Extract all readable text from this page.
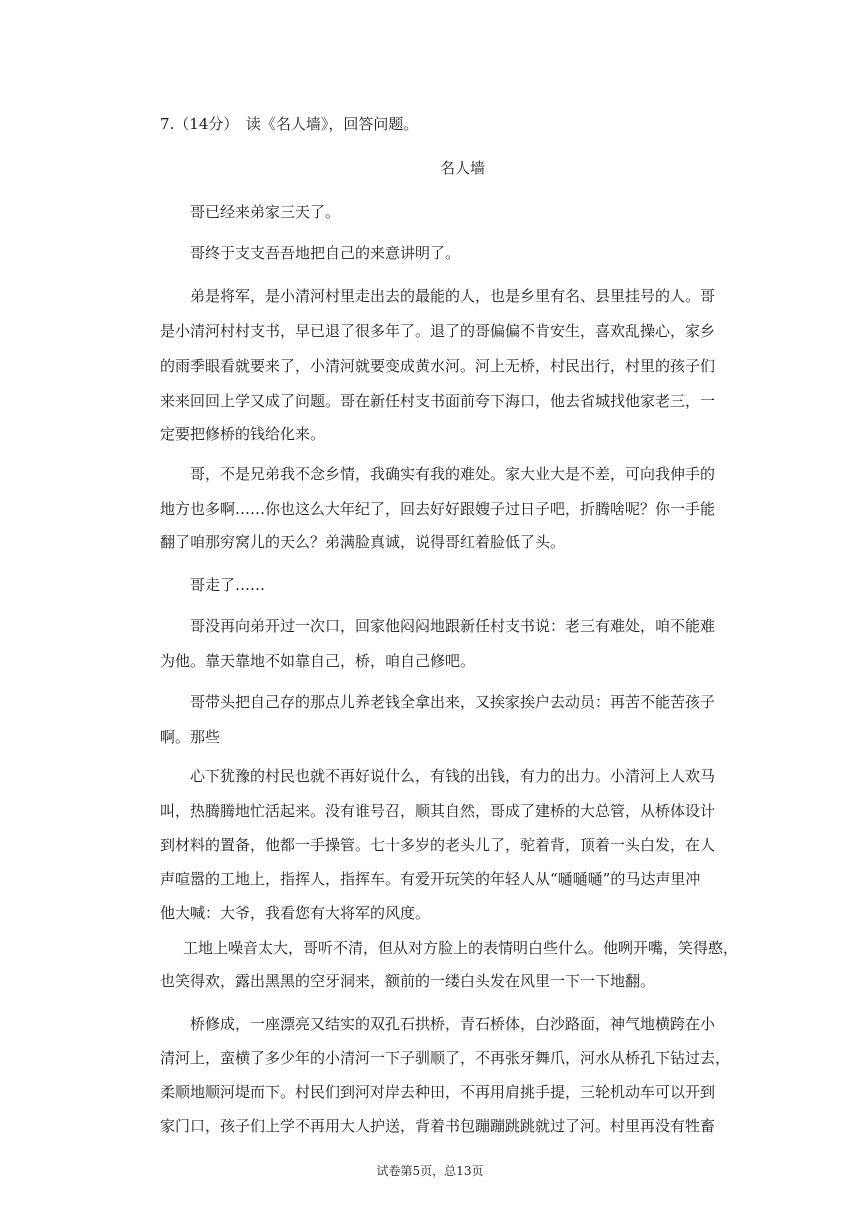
7.（14分）　读《名人墙》，回答问题。

名人墙

哥已经来弟家三天了。

哥终于支支吾吾地把自己的来意讲明了。

弟是将军，是小清河村里走出去的最能的人，也是乡里有名、县里挂号的人。哥

是小清河村村支书，早已退了很多年了。退了的哥偏偏不肯安生，喜欢乱操心，家乡

的雨季眼看就要来了，小清河就要变成黄水河。河上无桥，村民出行，村里的孩子们

来来回回上学又成了问题。哥在新任村支书面前夸下海口，他去省城找他家老三，一

定要把修桥的钱给化来。

哥，不是兄弟我不念乡情，我确实有我的难处。家大业大是不差，可向我伸手的

地方也多啊……你也这么大年纪了，回去好好跟嫂子过日子吧，折腾啥呢？你一手能

翻了咱那穷窝儿的天么？弟满脸真诚，说得哥红着脸低了头。

哥走了……

哥没再向弟开过一次口，回家他闷闷地跟新任村支书说：老三有难处，咱不能难

为他。靠天靠地不如靠自己，桥，咱自己修吧。

哥带头把自己存的那点儿养老钱全拿出来，又挨家挨户去动员：再苦不能苦孩子

啊。那些

心下犹豫的村民也就不再好说什么，有钱的出钱，有力的出力。小清河上人欢马

叫，热腾腾地忙活起来。没有谁号召，顺其自然，哥成了建桥的大总管，从桥体设计

到材料的置备，他都一手操管。七十多岁的老头儿了，驼着背，顶着一头白发，在人

声喧嚣的工地上，指挥人，指挥车。有爱开玩笑的年轻人从“嗵嗵嗵”的马达声里冲

他大喊：大爷，我看您有大将军的风度。

工地上噪音太大，哥听不清，但从对方脸上的表情明白些什么。他咧开嘴，笑得憨，

也笑得欢，露出黑黑的空牙洞来，额前的一缕白头发在风里一下一下地翻。

桥修成，一座漂亮又结实的双孔石拱桥，青石桥体，白沙路面，神气地横跨在小

清河上，蛮横了多少年的小清河一下子驯顺了，不再张牙舞爪，河水从桥孔下钻过去，

柔顺地顺河堤而下。村民们到河对岸去种田，不再用肩挑手提，三轮机动车可以开到

家门口，孩子们上学不再用大人护送，背着书包蹦蹦跳跳就过了河。村里再没有牲畜

试卷第5页，总13页
